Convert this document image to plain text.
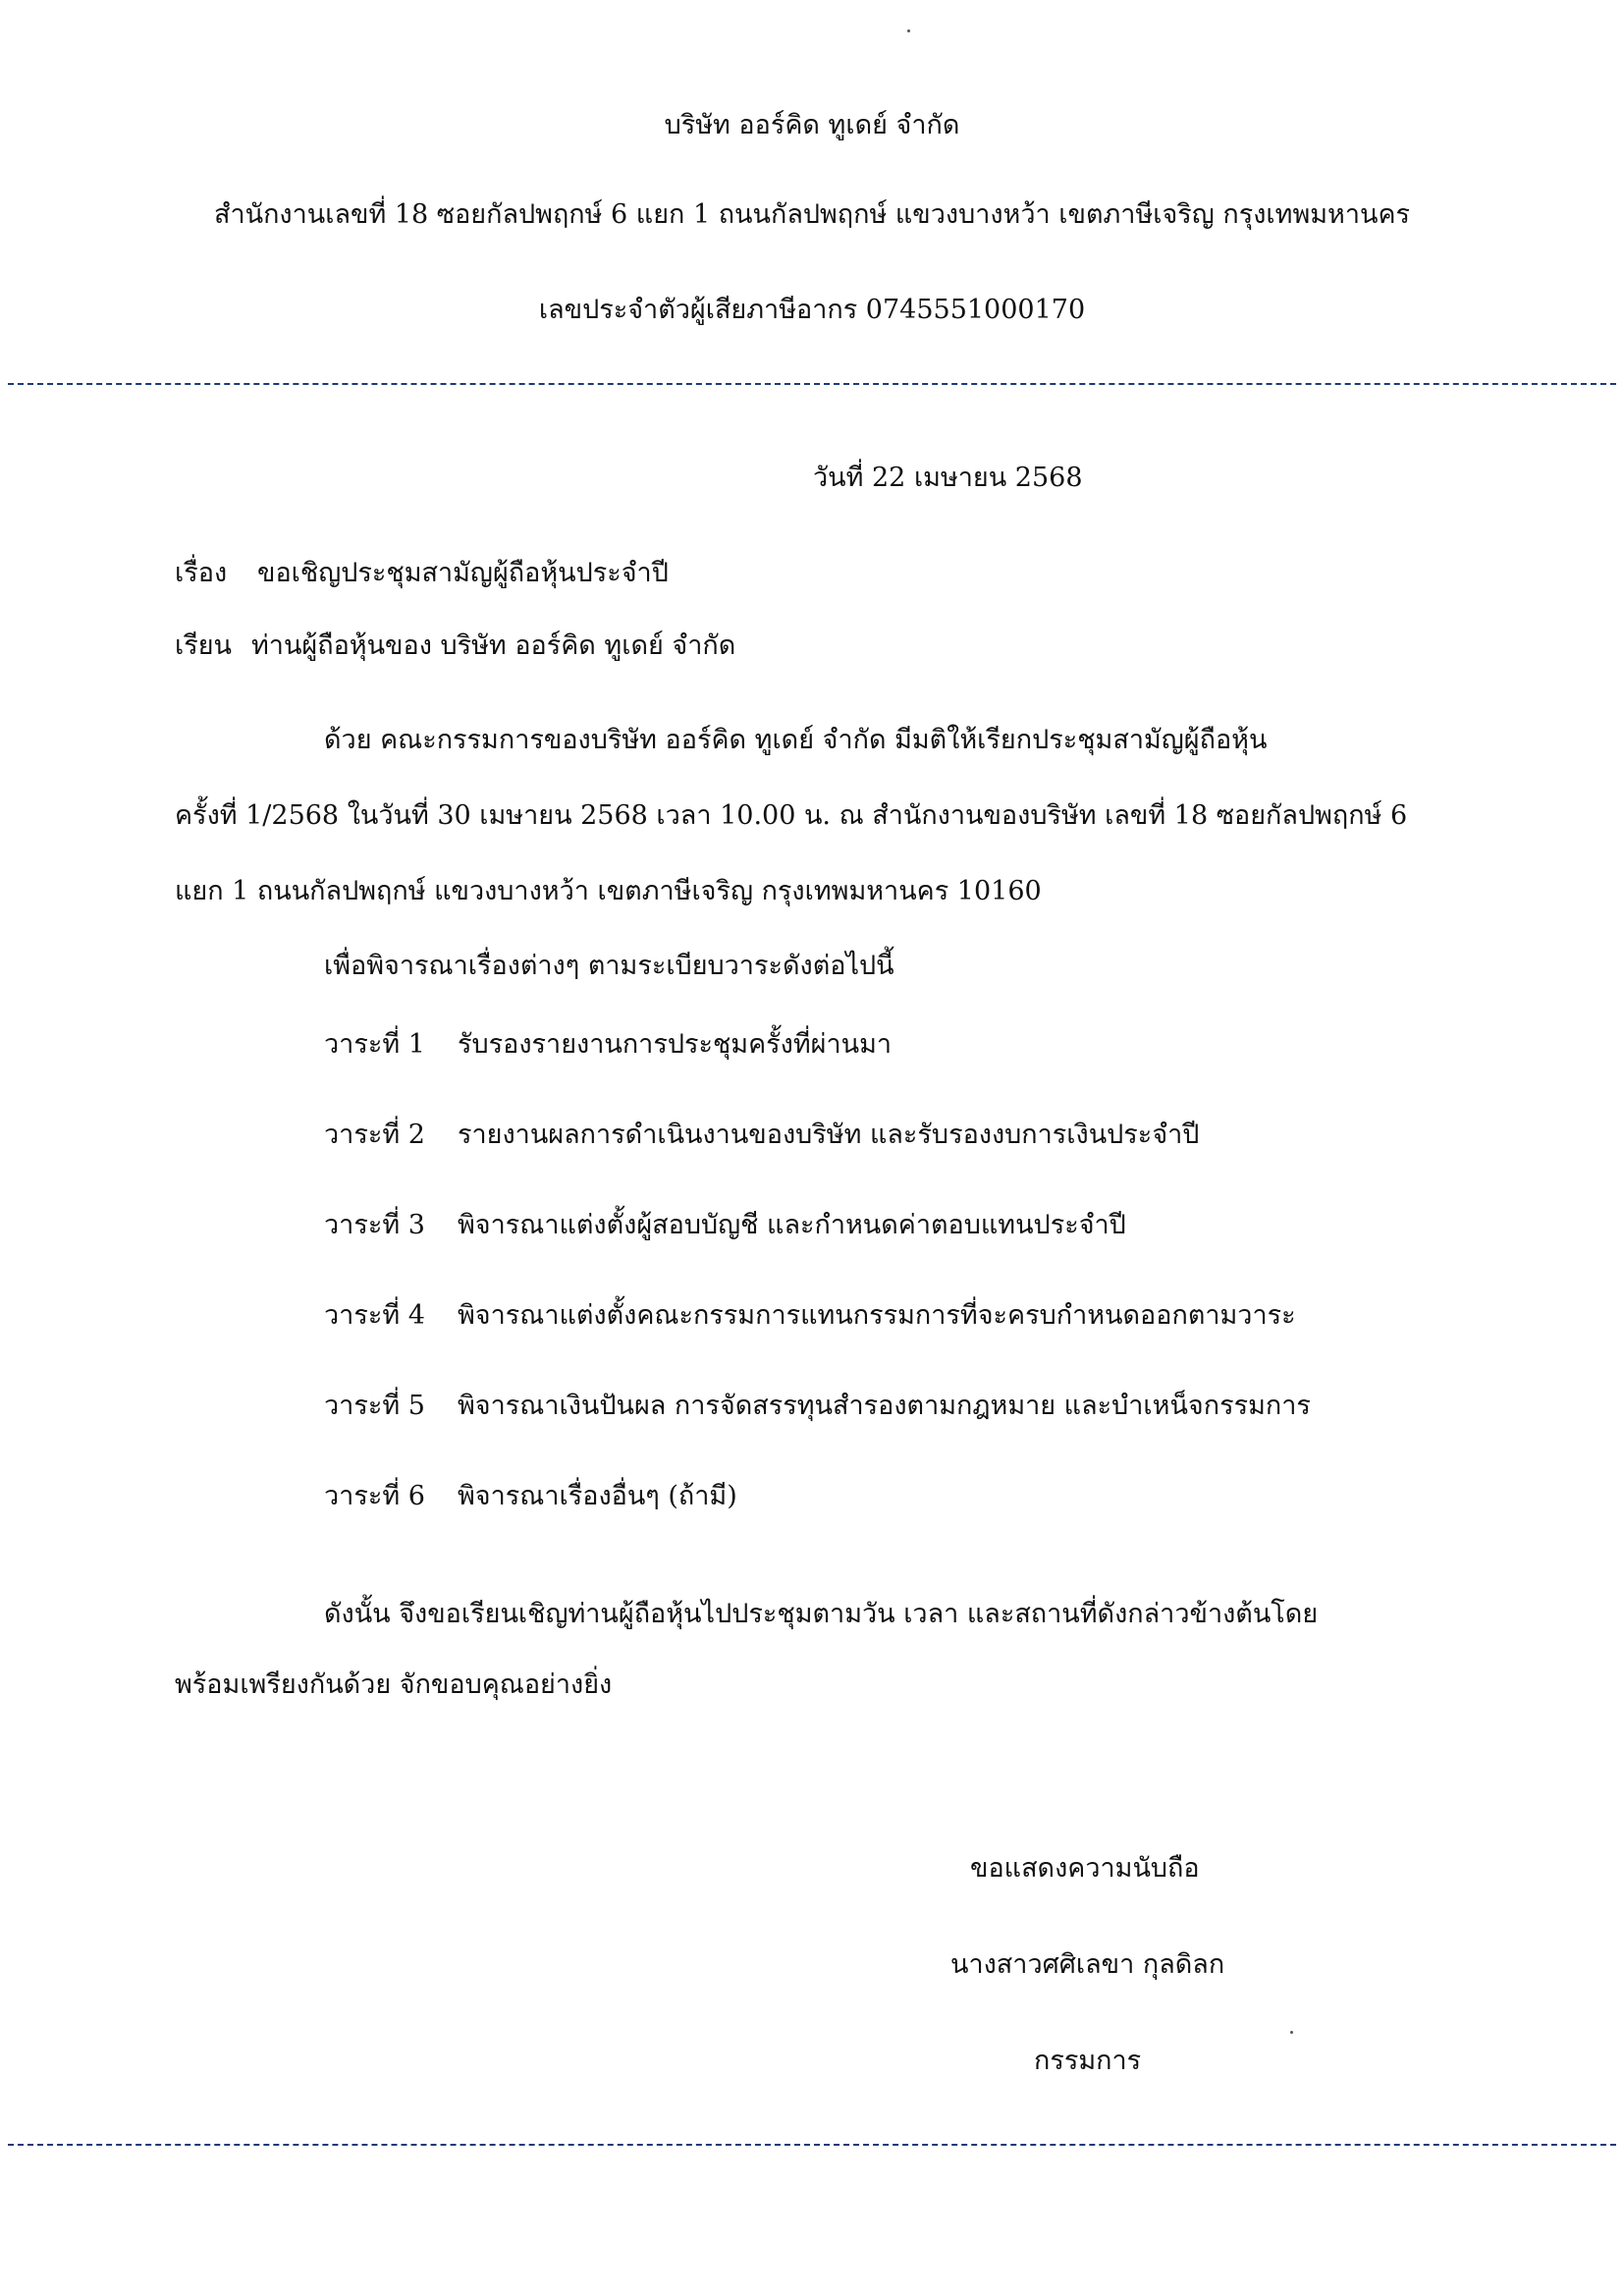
บริษัท ออร์คิด ทูเดย์ จำกัด
สำนักงานเลขที่ 18 ซอยกัลปพฤกษ์ 6 แยก 1 ถนนกัลปพฤกษ์ แขวงบางหว้า เขตภาษีเจริญ กรุงเทพมหานคร
เลขประจำตัวผู้เสียภาษีอากร 0745551000170
วันที่ 22 เมษายน 2568
เรื่อง ขอเชิญประชุมสามัญผู้ถือหุ้นประจำปี
เรียน ท่านผู้ถือหุ้นของ บริษัท ออร์คิด ทูเดย์ จำกัด
ด้วย คณะกรรมการของบริษัท ออร์คิด ทูเดย์ จำกัด มีมติให้เรียกประชุมสามัญผู้ถือหุ้น
ครั้งที่ 1/2568 ในวันที่ 30 เมษายน 2568 เวลา 10.00 น. ณ สำนักงานของบริษัท เลขที่ 18 ซอยกัลปพฤกษ์ 6
แยก 1 ถนนกัลปพฤกษ์ แขวงบางหว้า เขตภาษีเจริญ กรุงเทพมหานคร 10160
เพื่อพิจารณาเรื่องต่างๆ ตามระเบียบวาระดังต่อไปนี้
วาระที่ 1 รับรองรายงานการประชุมครั้งที่ผ่านมา
วาระที่ 2 รายงานผลการดำเนินงานของบริษัท และรับรองงบการเงินประจำปี
วาระที่ 3 พิจารณาแต่งตั้งผู้สอบบัญชี และกำหนดค่าตอบแทนประจำปี
วาระที่ 4 พิจารณาแต่งตั้งคณะกรรมการแทนกรรมการที่จะครบกำหนดออกตามวาระ
วาระที่ 5 พิจารณาเงินปันผล การจัดสรรทุนสำรองตามกฎหมาย และบำเหน็จกรรมการ
วาระที่ 6 พิจารณาเรื่องอื่นๆ (ถ้ามี)
ดังนั้น จึงขอเรียนเชิญท่านผู้ถือหุ้นไปประชุมตามวัน เวลา และสถานที่ดังกล่าวข้างต้นโดย
พร้อมเพรียงกันด้วย จักขอบคุณอย่างยิ่ง
ขอแสดงความนับถือ
นางสาวศศิเลขา กุลดิลก
กรรมการ
